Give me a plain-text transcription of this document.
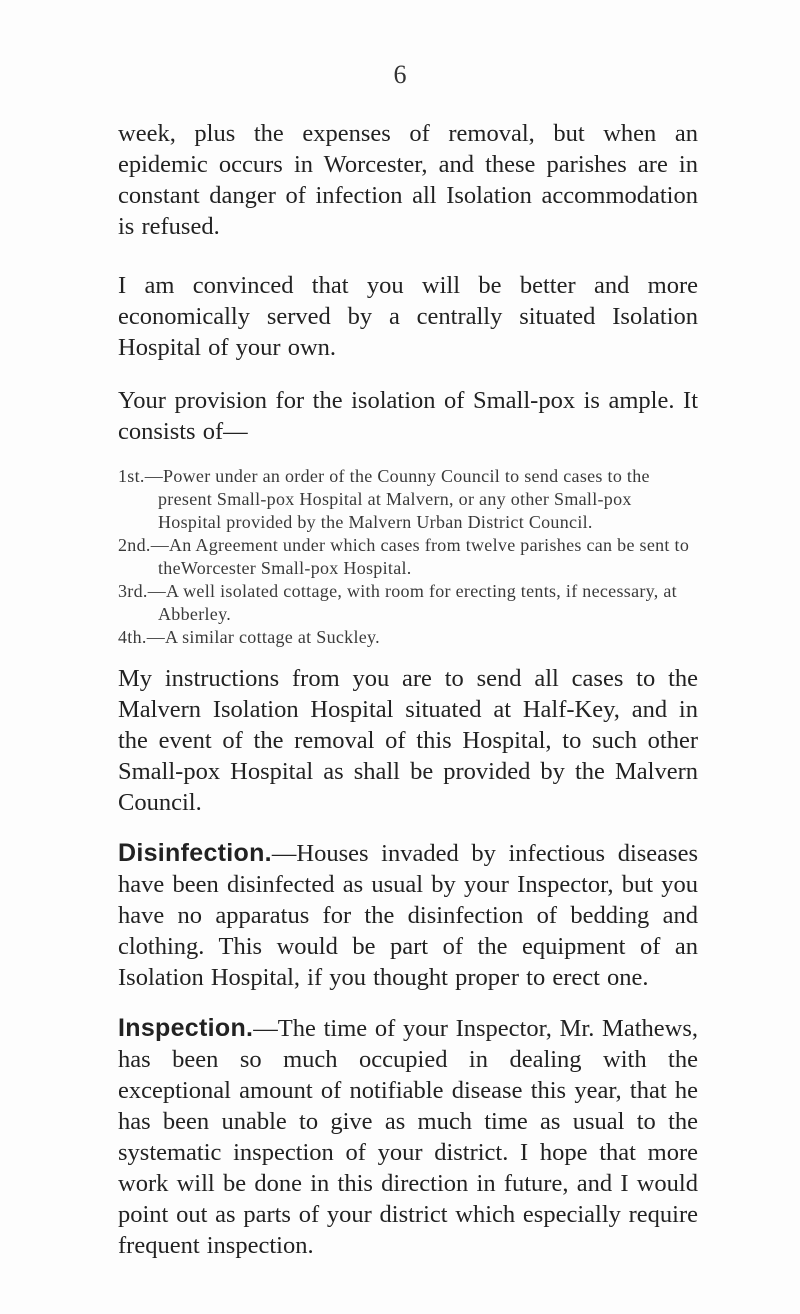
6

week, plus the expenses of removal, but when an epidemic occurs in Worcester, and these parishes are in constant danger of infection all Isolation accommodation is refused.

I am convinced that you will be better and more economically served by a centrally situated Isolation Hospital of your own.

Your provision for the isolation of Small-pox is ample. It consists of—

1st.—Power under an order of the Counny Council to send cases to the present Small-pox Hospital at Malvern, or any other Small-pox Hospital provided by the Malvern Urban District Council.

2nd.—An Agreement under which cases from twelve parishes can be sent to theWorcester Small-pox Hospital.

3rd.—A well isolated cottage, with room for erecting tents, if necessary, at Abberley.

4th.—A similar cottage at Suckley.

My instructions from you are to send all cases to the Malvern Isolation Hospital situated at Half-Key, and in the event of the removal of this Hospital, to such other Small-pox Hospital as shall be provided by the Malvern Council.

Disinfection.—Houses invaded by infectious diseases have been disinfected as usual by your Inspector, but you have no apparatus for the disinfection of bedding and clothing. This would be part of the equipment of an Isolation Hospital, if you thought proper to erect one.

Inspection.—The time of your Inspector, Mr. Mathews, has been so much occupied in dealing with the exceptional amount of notifiable disease this year, that he has been unable to give as much time as usual to the systematic inspection of your district. I hope that more work will be done in this direction in future, and I would point out as parts of your district which especially require frequent inspection.
